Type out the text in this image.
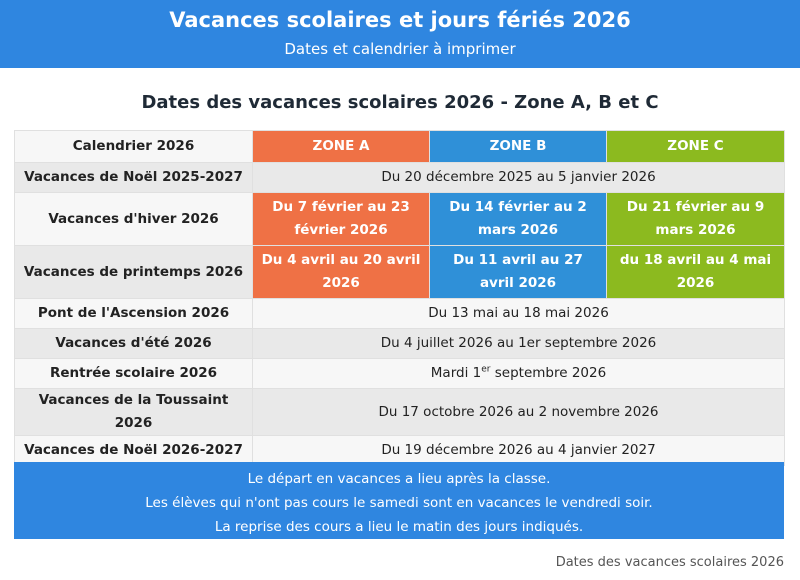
Vacances scolaires et jours fériés 2026
Dates et calendrier à imprimer
Dates des vacances scolaires 2026 - Zone A, B et C
Calendrier 2026	ZONE A	ZONE B	ZONE C
Vacances de Noël 2025-2027	Du 20 décembre 2025 au 5 janvier 2026		
Vacances d'hiver 2026	Du 7 février au 23 février 2026	Du 14 février au 2 mars 2026	Du 21 février au 9 mars 2026
Vacances de printemps 2026	Du 4 avril au 20 avril 2026	Du 11 avril au 27 avril 2026	du 18 avril au 4 mai 2026
Pont de l'Ascension 2026	Du 13 mai au 18 mai 2026		
Vacances d'été 2026	Du 4 juillet 2026 au 1er septembre 2026		
Rentrée scolaire 2026	Mardi 1er septembre 2026		
Vacances de la Toussaint 2026	Du 17 octobre 2026 au 2 novembre 2026		
Vacances de Noël 2026-2027	Du 19 décembre 2026 au 4 janvier 2027		
Le départ en vacances a lieu après la classe.
Les élèves qui n'ont pas cours le samedi sont en vacances le vendredi soir.
La reprise des cours a lieu le matin des jours indiqués.
Dates des vacances scolaires 2026
